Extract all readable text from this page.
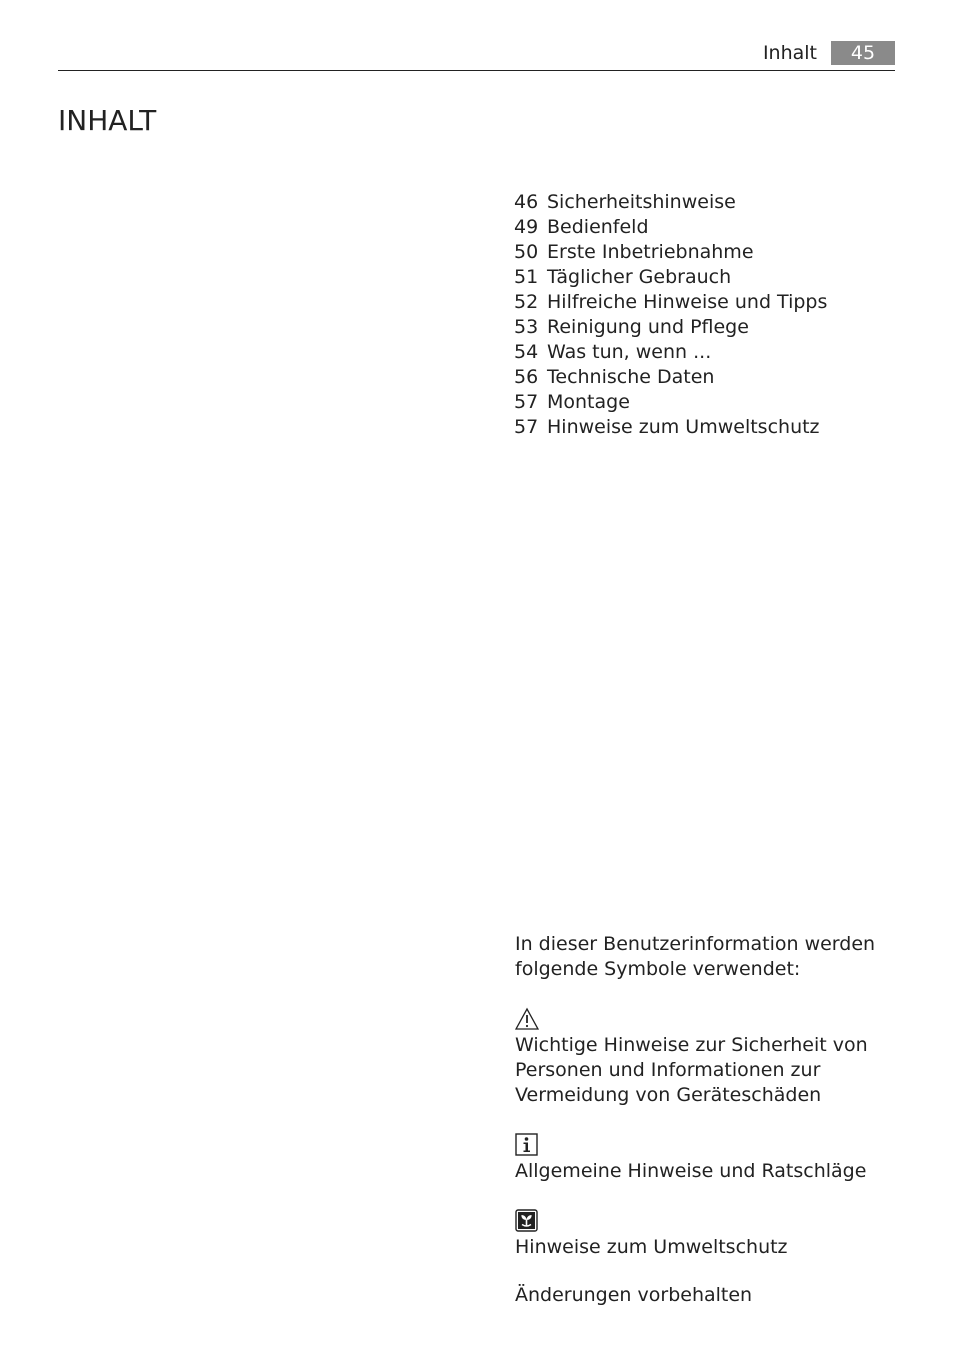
Inhalt	45
INHALT
46 Sicherheitshinweise
49 Bedienfeld
50 Erste Inbetriebnahme
51 Täglicher Gebrauch
52 Hilfreiche Hinweise und Tipps
53 Reinigung und Pflege
54 Was tun, wenn ...
56 Technische Daten
57 Montage
57 Hinweise zum Umweltschutz
In dieser Benutzerinformation werden
folgende Symbole verwendet:
Wichtige Hinweise zur Sicherheit von
Personen und Informationen zur
Vermeidung von Geräteschäden
Allgemeine Hinweise und Ratschläge
Hinweise zum Umweltschutz
Änderungen vorbehalten
